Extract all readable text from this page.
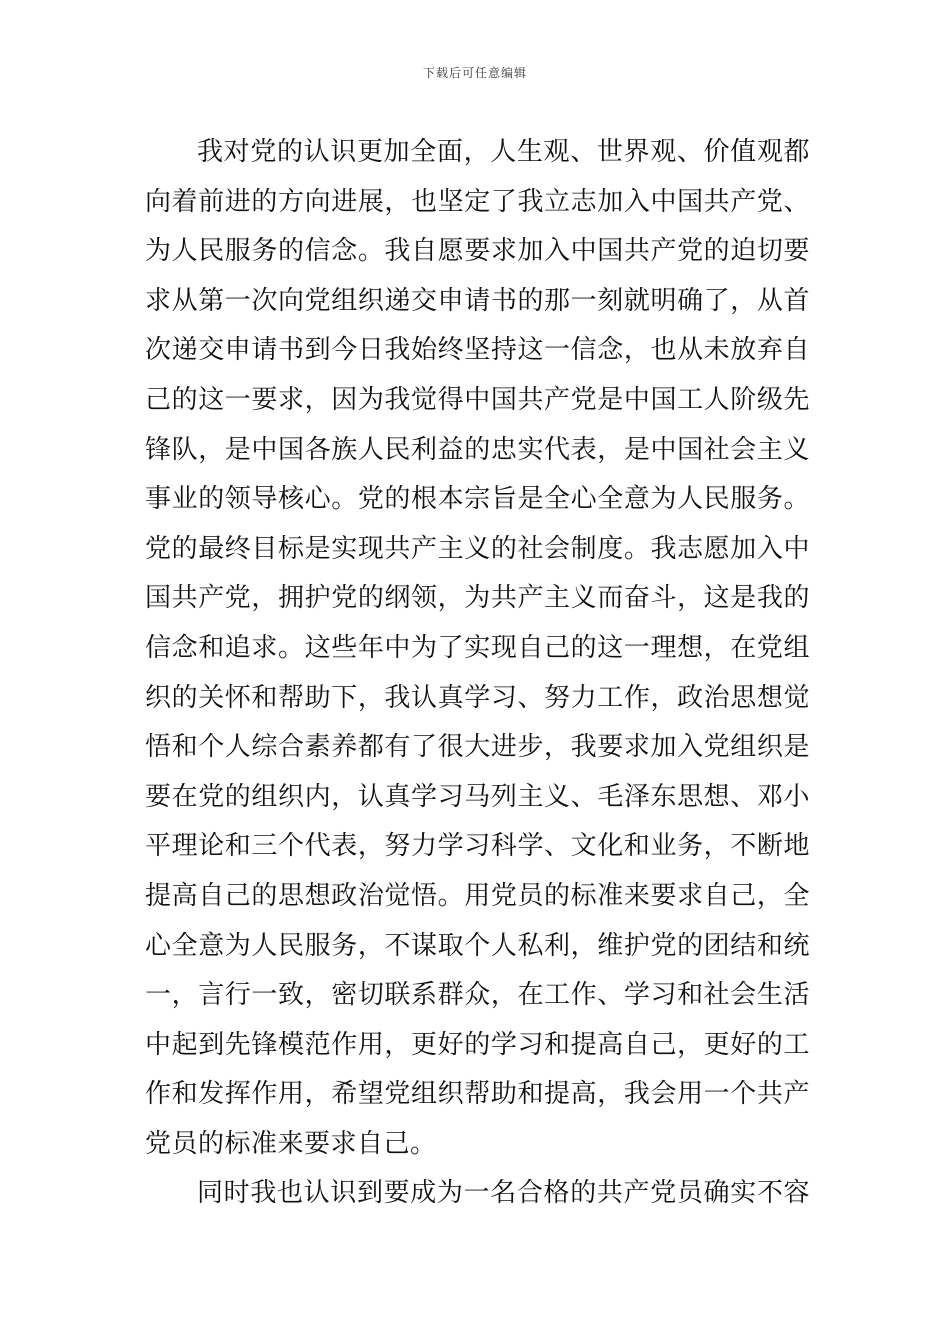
下载后可任意编辑
我对党的认识更加全面，人生观、世界观、价值观都
向着前进的方向进展，也坚定了我立志加入中国共产党、
为人民服务的信念。我自愿要求加入中国共产党的迫切要
求从第一次向党组织递交申请书的那一刻就明确了，从首
次递交申请书到今日我始终坚持这一信念，也从未放弃自
己的这一要求，因为我觉得中国共产党是中国工人阶级先
锋队，是中国各族人民利益的忠实代表，是中国社会主义
事业的领导核心。党的根本宗旨是全心全意为人民服务。
党的最终目标是实现共产主义的社会制度。我志愿加入中
国共产党，拥护党的纲领，为共产主义而奋斗，这是我的
信念和追求。这些年中为了实现自己的这一理想，在党组
织的关怀和帮助下，我认真学习、努力工作，政治思想觉
悟和个人综合素养都有了很大进步，我要求加入党组织是
要在党的组织内，认真学习马列主义、毛泽东思想、邓小
平理论和三个代表，努力学习科学、文化和业务，不断地
提高自己的思想政治觉悟。用党员的标准来要求自己，全
心全意为人民服务，不谋取个人私利，维护党的团结和统
一，言行一致，密切联系群众，在工作、学习和社会生活
中起到先锋模范作用，更好的学习和提高自己，更好的工
作和发挥作用，希望党组织帮助和提高，我会用一个共产
党员的标准来要求自己。
同时我也认识到要成为一名合格的共产党员确实不容
